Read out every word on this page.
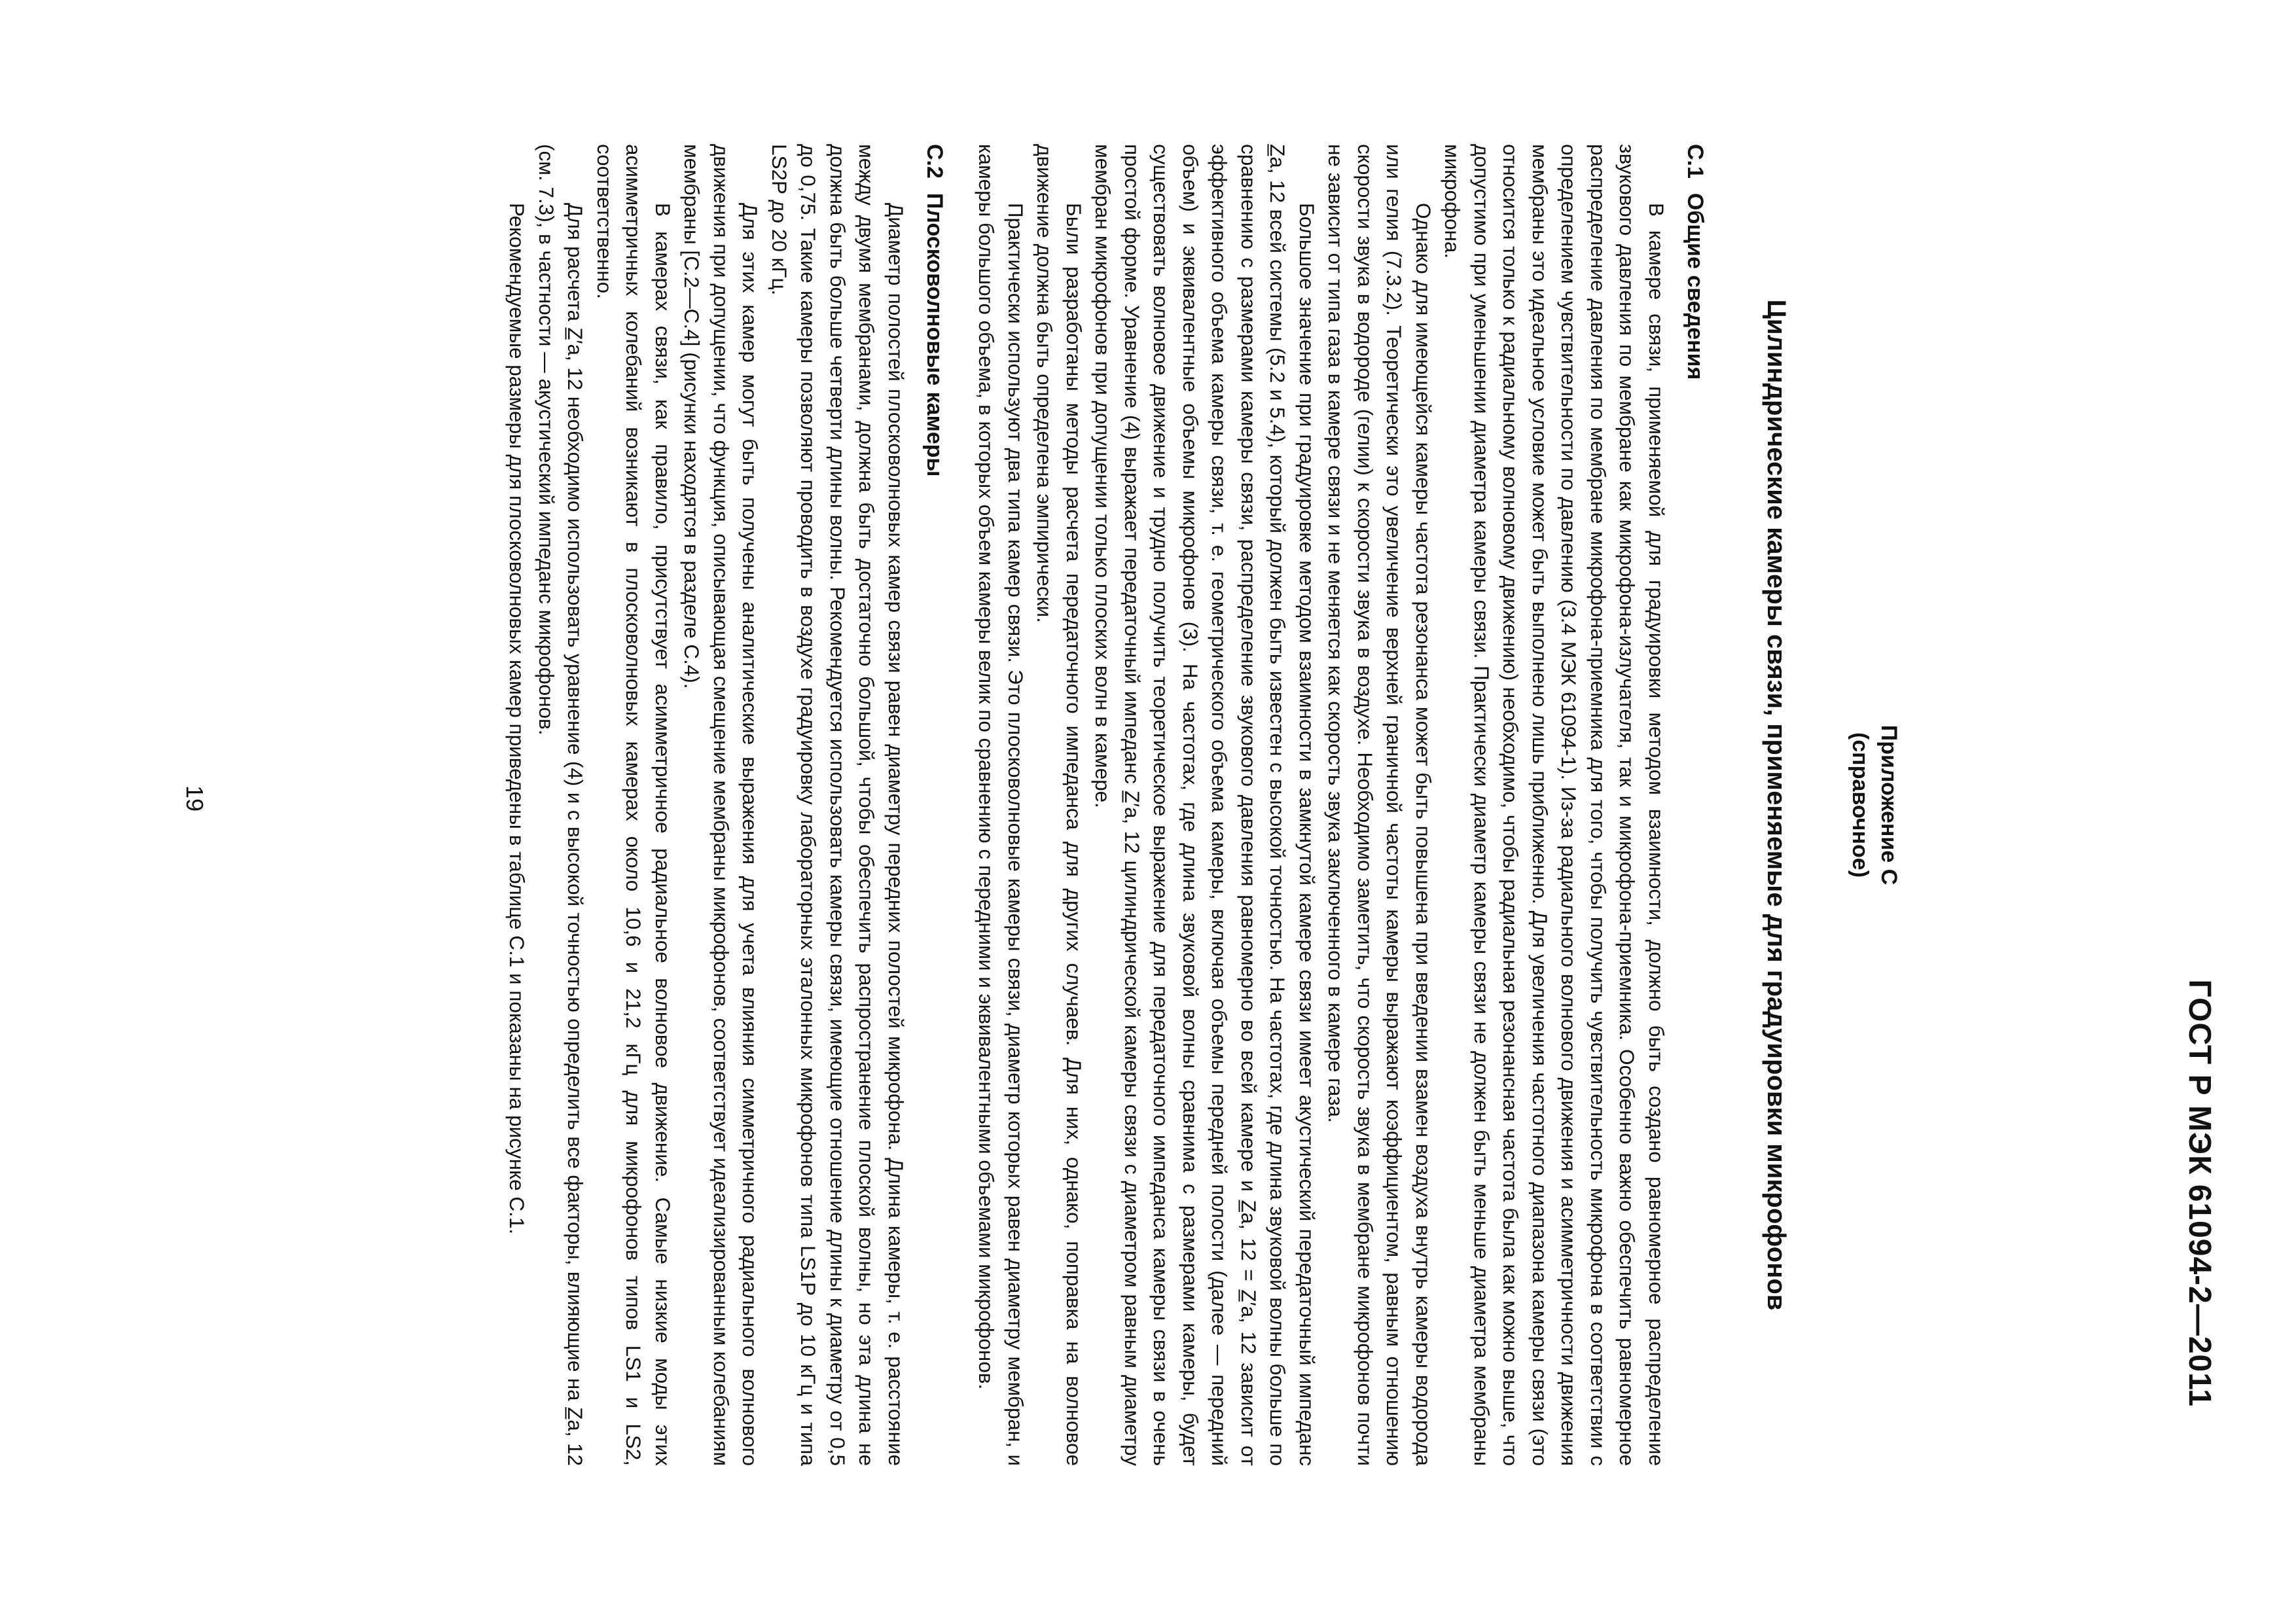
ГОСТ Р МЭК 61094-2—2011
Приложение С
(справочное)
Цилиндрические камеры связи, применяемые для градуировки микрофонов
С.1Общие сведения

В камере связи, применяемой для градуировки методом взаимности, должно быть создано равномерное распределение звукового давления по мембране как микрофона-излучателя, так и микрофона-приемника. Особенно важно обеспечить равномерное распределение давления по мембране микрофона-приемника для того, чтобы получить чувствительность микрофона в соответствии с определением чувствительности по давлению (3.4 МЭК 61094-1). Из-за радиального волнового движения и асимметричности движения мембраны это идеальное условие может быть выполнено лишь приближенно. Для увеличения частотного диапазона камеры связи (это относится только к радиальному волновому движению) необходимо, чтобы радиальная резонансная частота была как можно выше, что допустимо при уменьшении диаметра камеры связи. Практически диаметр камеры связи не должен быть меньше диаметра мембраны микрофона.

Однако для имеющейся камеры частота резонанса может быть повышена при введении взамен воздуха внутрь камеры водорода или гелия (7.3.2). Теоретически это увеличение верхней граничной частоты камеры выражают коэффициентом, равным отношению скорости звука в водороде (гелии) к скорости звука в воздухе. Необходимо заметить, что скорость звука в мембране микрофонов почти не зависит от типа газа в камере связи и не меняется как скорость звука заключенного в камере газа.

Большое значение при градуировке методом взаимности в замкнутой камере связи имеет акустический передаточный импеданс Z̲a, 12 всей системы (5.2 и 5.4), который должен быть известен с высокой точностью. На частотах, где длина звуковой волны больше по сравнению с размерами камеры связи, распределение звукового давления равномерно во всей камере и Z̲a, 12 = Z̲′a, 12 зависит от эффективного объема камеры связи, т. е. геометрического объема камеры, включая объемы передней полости (далее — передний объем) и эквивалентные объемы микрофонов (3). На частотах, где длина звуковой волны сравнима с размерами камеры, будет существовать волновое движение и трудно получить теоретическое выражение для передаточного импеданса камеры связи в очень простой форме. Уравнение (4) выражает передаточный импеданс Z̲′a, 12 цилиндрической камеры связи с диаметром равным диаметру мембран микрофонов при допущении только плоских волн в камере.

Были разработаны методы расчета передаточного импеданса для других случаев. Для них, однако, поправка на волновое движение должна быть определена эмпирически.

Практически используют два типа камер связи. Это плосковолновые камеры связи, диаметр которых равен диаметру мембран, и камеры большого объема, в которых объем камеры велик по сравнению с передними и эквивалентными объемами микрофонов.

С.2Плосковолновые камеры

Диаметр полостей плосковолновых камер связи равен диаметру передних полостей микрофона. Длина камеры, т. е. расстояние между двумя мембранами, должна быть достаточно большой, чтобы обеспечить распространение плоской волны, но эта длина не должна быть больше четверти длины волны. Рекомендуется использовать камеры связи, имеющие отношение длины к диаметру от 0,5 до 0,75. Такие камеры позволяют проводить в воздухе градуировку лабораторных эталонных микрофонов типа LS1P до 10 кГц и типа LS2P до 20 кГц.

Для этих камер могут быть получены аналитические выражения для учета влияния симметричного радиального волнового движения при допущении, что функция, описывающая смещение мембраны микрофонов, соответствует идеализированным колебаниям мембраны [C.2—C.4] (рисунки находятся в разделе С.4).

В камерах связи, как правило, присутствует асимметричное радиальное волновое движение. Самые низкие моды этих асимметричных колебаний возникают в плосковолновых камерах около 10,6 и 21,2 кГц для микрофонов типов LS1 и LS2, соответственно.

Для расчета Z̲′a, 12 необходимо использовать уравнение (4) и с высокой точностью определить все факторы, влияющие на Z̲a, 12 (см. 7.3), в частности — акустический импеданс микрофонов.

Рекомендуемые размеры для плосковолновых камер приведены в таблице С.1 и показаны на рисунке С.1.

19
